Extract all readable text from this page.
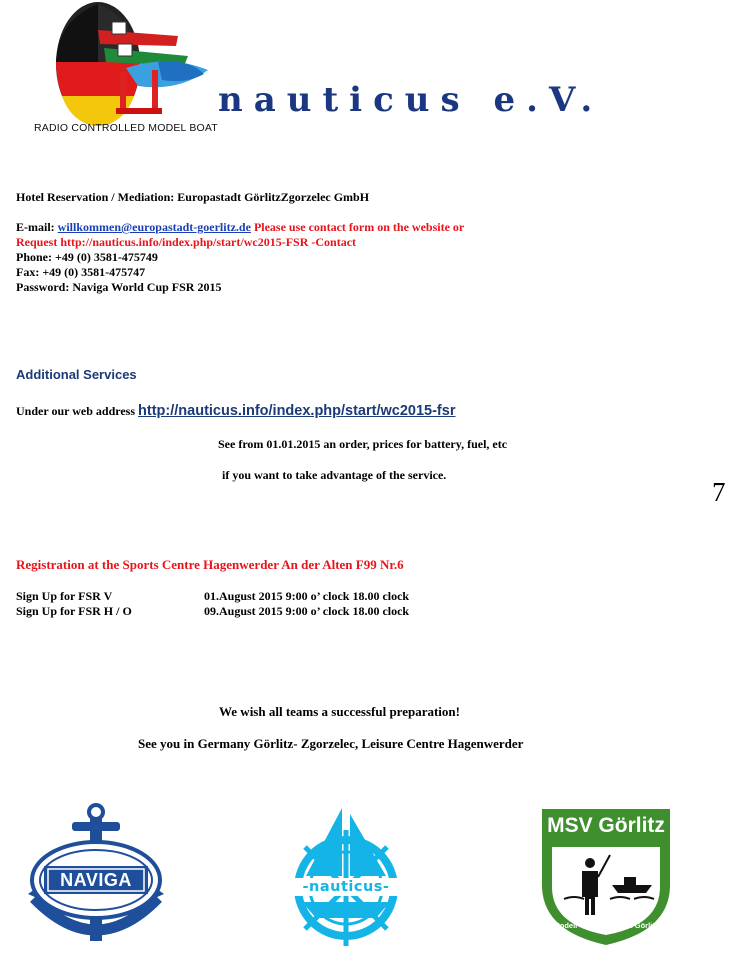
RADIO CONTROLLED MODEL BOAT
nauticus e.V.
Hotel Reservation / Mediation: Europastadt GörlitzZgorzelec GmbH
E-mail: willkommen@europastadt-goerlitz.de Please use contact form on the website or
Request http://nauticus.info/index.php/start/wc2015-FSR -Contact
Phone: +49 (0) 3581-475749
Fax: +49 (0) 3581-475747
Password: Naviga World Cup FSR 2015
Additional Services
Under our web address http://nauticus.info/index.php/start/wc2015-fsr
See from 01.01.2015 an order, prices for battery, fuel, etc
if you want to take advantage of the service.
7
Registration at the Sports Centre Hagenwerder An der Alten F99 Nr.6
Sign Up for FSR V	01.August 2015 9:00 o’ clock 18.00 clock
Sign Up for FSR H / O	09.August 2015 9:00 o’ clock 18.00 clock
We wish all teams a successful preparation!
See you in Germany Görlitz- Zgorzelec, Leisure Centre Hagenwerder
NAVIGA	-nauticus-
MSV Görlitz
Modell - Sport - Verein Görlitz
